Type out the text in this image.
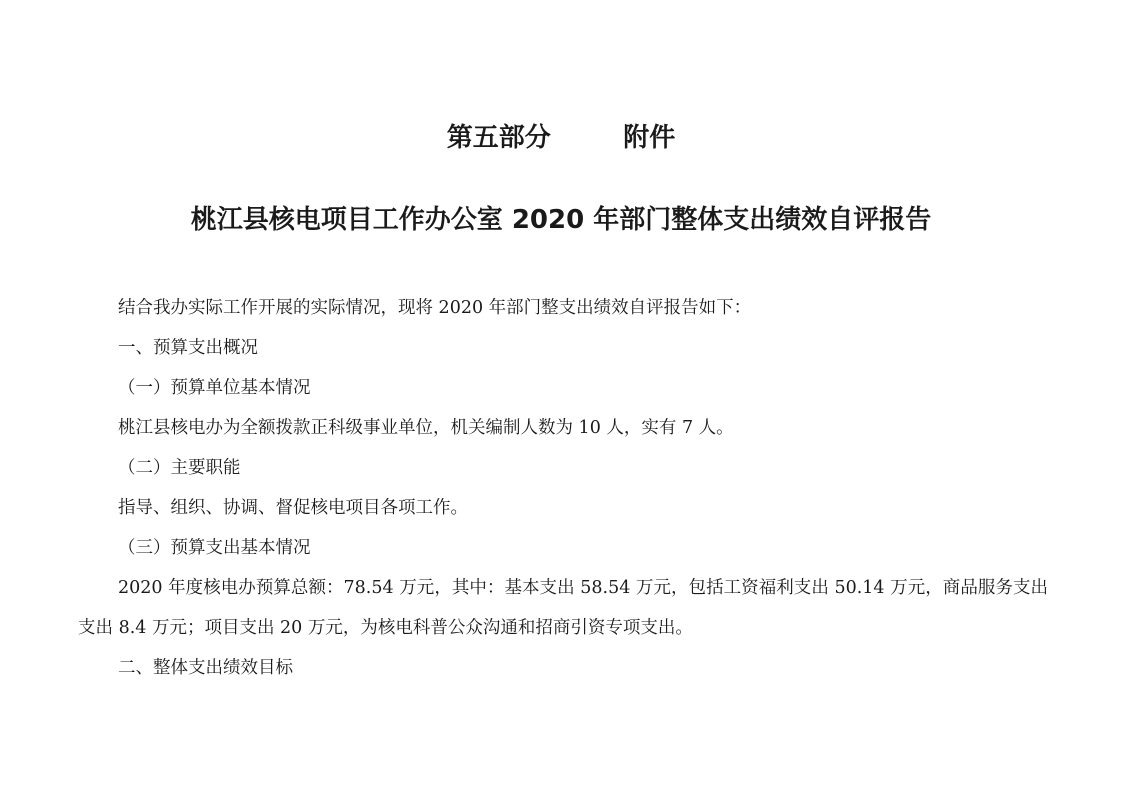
第五部分        附件
桃江县核电项目工作办公室 2020 年部门整体支出绩效自评报告

结合我办实际工作开展的实际情况，现将 2020 年部门整支出绩效自评报告如下：

一、预算支出概况

（一）预算单位基本情况

桃江县核电办为全额拨款正科级事业单位，机关编制人数为 10 人，实有 7 人。

（二）主要职能

指导、组织、协调、督促核电项目各项工作。

（三）预算支出基本情况

2020 年度核电办预算总额：78.54 万元，其中：基本支出 58.54 万元，包括工资福利支出 50.14 万元，商品服务支出支出 8.4 万元；项目支出 20 万元，为核电科普公众沟通和招商引资专项支出。

二、整体支出绩效目标
